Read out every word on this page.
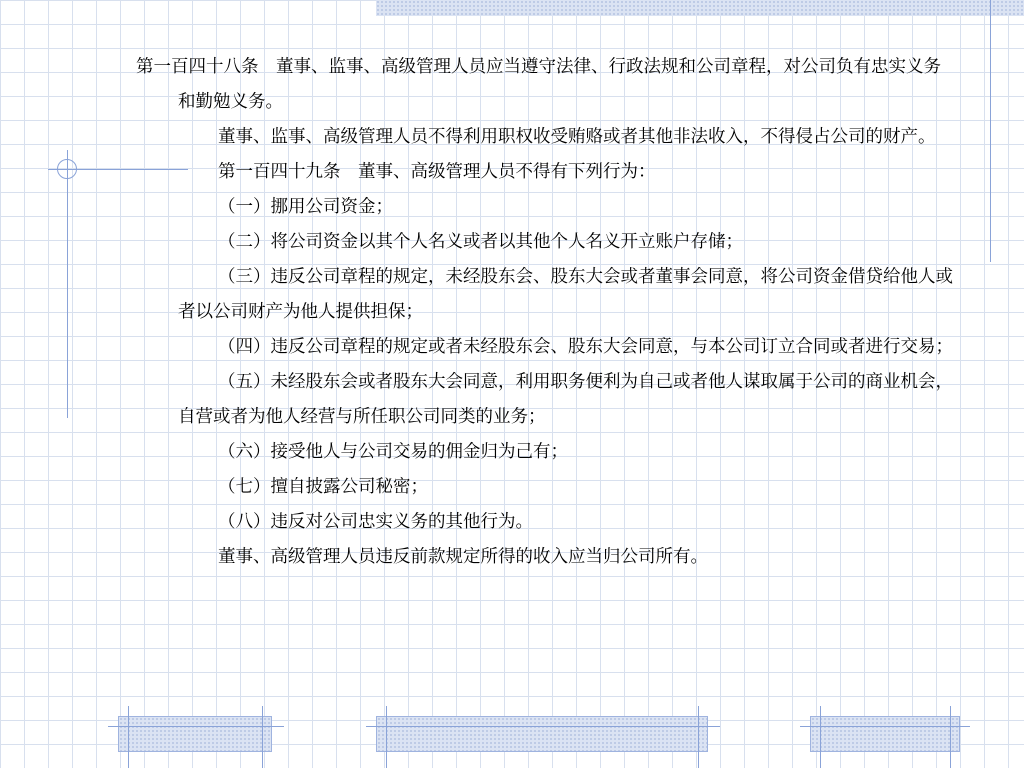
第一百四十八条　董事、监事、高级管理人员应当遵守法律、行政法规和公司章程，对公司负有忠实义务和勤勉义务。

董事、监事、高级管理人员不得利用职权收受贿赂或者其他非法收入，不得侵占公司的财产。

第一百四十九条　董事、高级管理人员不得有下列行为：

（一）挪用公司资金；

（二）将公司资金以其个人名义或者以其他个人名义开立账户存储；

（三）违反公司章程的规定，未经股东会、股东大会或者董事会同意，将公司资金借贷给他人或者以公司财产为他人提供担保；

（四）违反公司章程的规定或者未经股东会、股东大会同意，与本公司订立合同或者进行交易；

（五）未经股东会或者股东大会同意，利用职务便利为自己或者他人谋取属于公司的商业机会，自营或者为他人经营与所任职公司同类的业务；

（六）接受他人与公司交易的佣金归为己有；

（七）擅自披露公司秘密；

（八）违反对公司忠实义务的其他行为。

董事、高级管理人员违反前款规定所得的收入应当归公司所有。
